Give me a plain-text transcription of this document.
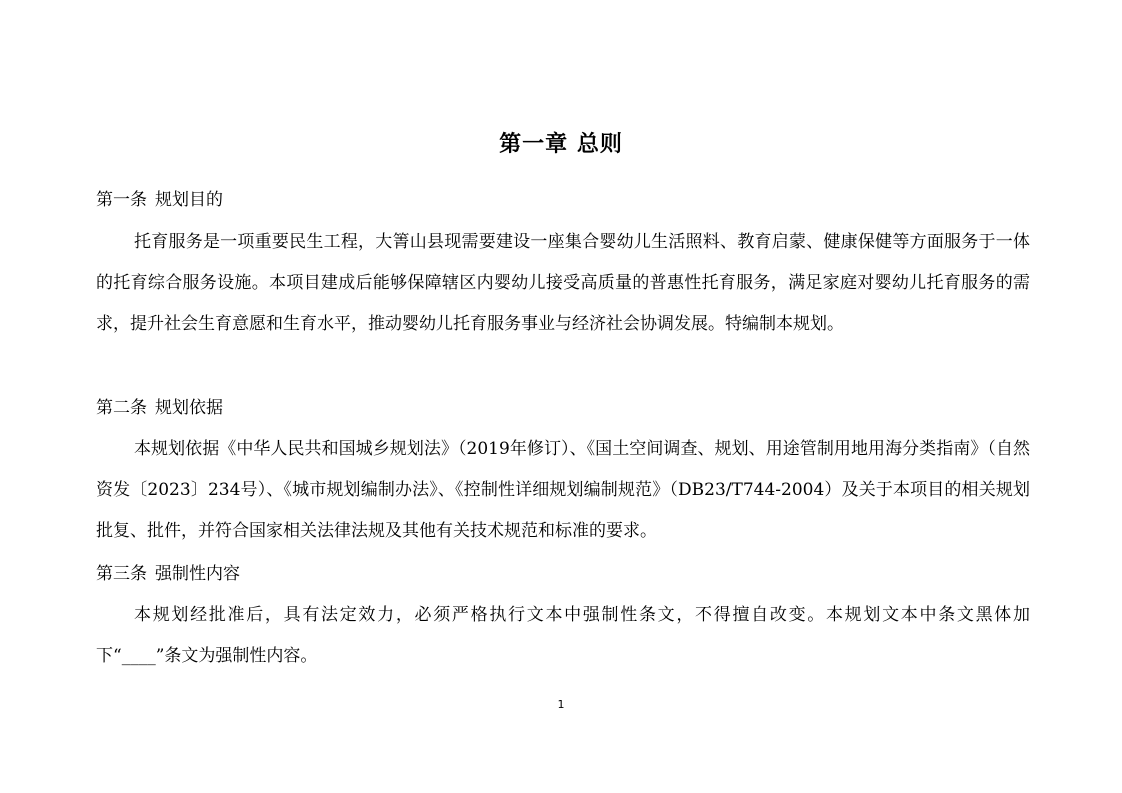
第一章 总则
第一条 规划目的
托育服务是一项重要民生工程，大箐山县现需要建设一座集合婴幼儿生活照料、教育启蒙、健康保健等方面服务于一体的托育综合服务设施。本项目建成后能够保障辖区内婴幼儿接受高质量的普惠性托育服务，满足家庭对婴幼儿托育服务的需求，提升社会生育意愿和生育水平，推动婴幼儿托育服务事业与经济社会协调发展。特编制本规划。
第二条 规划依据
本规划依据《中华人民共和国城乡规划法》（2019年修订）、《国土空间调查、规划、用途管制用地用海分类指南》（自然资发〔2023〕234号）、《城市规划编制办法》、《控制性详细规划编制规范》（DB23/T744-2004）及关于本项目的相关规划批复、批件，并符合国家相关法律法规及其他有关技术规范和标准的要求。
第三条 强制性内容
本规划经批准后，具有法定效力，必须严格执行文本中强制性条文，不得擅自改变。本规划文本中条文黑体加下“____”条文为强制性内容。
1
